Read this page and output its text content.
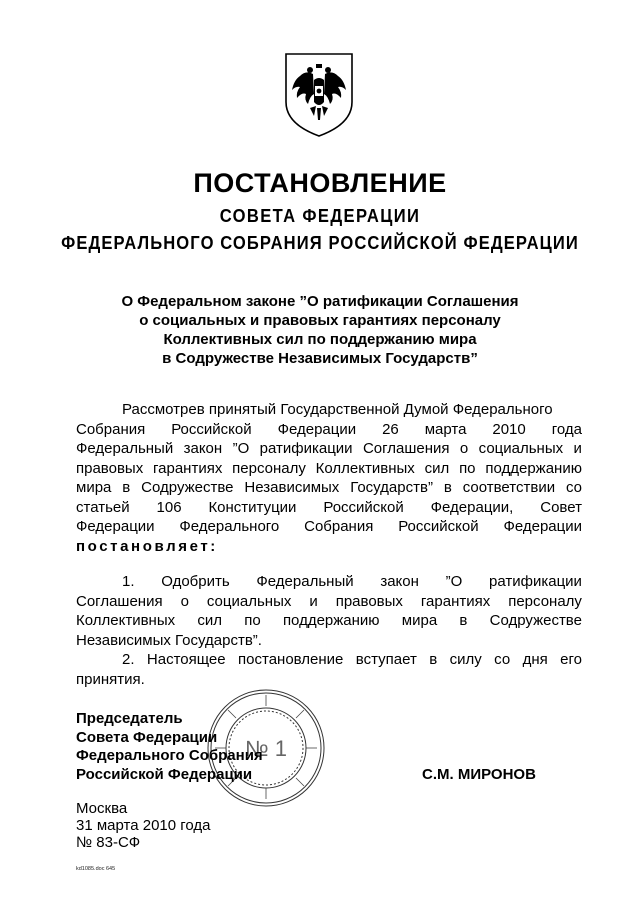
ПОСТАНОВЛЕНИЕ
СОВЕТА ФЕДЕРАЦИИ
ФЕДЕРАЛЬНОГО СОБРАНИЯ РОССИЙСКОЙ ФЕДЕРАЦИИ
О Федеральном законе ”О ратификации Соглашения
о социальных и правовых гарантиях персоналу
Коллективных сил по поддержанию мира
в Содружестве Независимых Государств”
Рассмотрев принятый Государственной Думой Федерального
Собрания Российской Федерации 26 марта 2010 года
Федеральный закон ”О ратификации Соглашения о социальных и
правовых гарантиях персоналу Коллективных сил по поддержанию
мира в Содружестве Независимых Государств” в соответствии со
статьей 106 Конституции Российской Федерации, Совет
Федерации Федерального Собрания Российской Федерации
постановляет:
1. Одобрить Федеральный закон ”О ратификации
Соглашения о социальных и правовых гарантиях персоналу
Коллективных сил по поддержанию мира в Содружестве
Независимых Государств”.
2. Настоящее постановление вступает в силу со дня его
принятия.
№ 1
Председатель
Совета Федерации
Федерального Собрания
Российской Федерации	С.М. МИРОНОВ
Москва
31 марта 2010 года
№ 83-СФ
kd1085.doc 645
